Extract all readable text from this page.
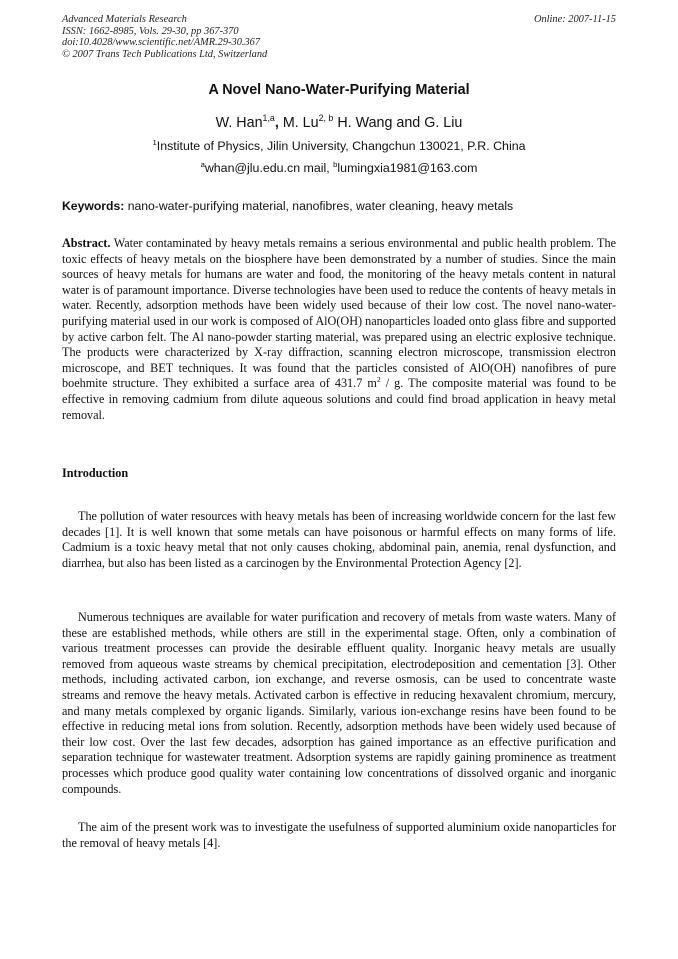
Advanced Materials Research
ISSN: 1662-8985, Vols. 29-30, pp 367-370
doi:10.4028/www.scientific.net/AMR.29-30.367
© 2007 Trans Tech Publications Ltd, Switzerland
Online: 2007-11-15
A Novel Nano-Water-Purifying Material
W. Han$^{1,a}$, M. Lu$^{2, b}$ H. Wang and G. Liu
$^1$Institute of Physics, Jilin University, Changchun 130021, P.R. China
$^a$whan@jlu.edu.cn mail, $^b$lumingxia1981@163.com
Keywords: nano-water-purifying material, nanofibres, water cleaning, heavy metals
Abstract. Water contaminated by heavy metals remains a serious environmental and public health problem. The toxic effects of heavy metals on the biosphere have been demonstrated by a number of studies. Since the main sources of heavy metals for humans are water and food, the monitoring of the heavy metals content in natural water is of paramount importance. Diverse technologies have been used to reduce the contents of heavy metals in water. Recently, adsorption methods have been widely used because of their low cost. The novel nano-water-purifying material used in our work is composed of AlO(OH) nanoparticles loaded onto glass fibre and supported by active carbon felt. The Al nano-powder starting material, was prepared using an electric explosive technique. The products were characterized by X-ray diffraction, scanning electron microscope, transmission electron microscope, and BET techniques. It was found that the particles consisted of AlO(OH) nanofibres of pure boehmite structure. They exhibited a surface area of 431.7 $m^2$ / g. The composite material was found to be effective in removing cadmium from dilute aqueous solutions and could find broad application in heavy metal removal.
Introduction
The pollution of water resources with heavy metals has been of increasing worldwide concern for the last few decades [1]. It is well known that some metals can have poisonous or harmful effects on many forms of life. Cadmium is a toxic heavy metal that not only causes choking, abdominal pain, anemia, renal dysfunction, and diarrhea, but also has been listed as a carcinogen by the Environmental Protection Agency [2].
Numerous techniques are available for water purification and recovery of metals from waste waters. Many of these are established methods, while others are still in the experimental stage. Often, only a combination of various treatment processes can provide the desirable effluent quality. Inorganic heavy metals are usually removed from aqueous waste streams by chemical precipitation, electrodeposition and cementation [3]. Other methods, including activated carbon, ion exchange, and reverse osmosis, can be used to concentrate waste streams and remove the heavy metals. Activated carbon is effective in reducing hexavalent chromium, mercury, and many metals complexed by organic ligands. Similarly, various ion-exchange resins have been found to be effective in reducing metal ions from solution. Recently, adsorption methods have been widely used because of their low cost. Over the last few decades, adsorption has gained importance as an effective purification and separation technique for wastewater treatment. Adsorption systems are rapidly gaining prominence as treatment processes which produce good quality water containing low concentrations of dissolved organic and inorganic compounds.
The aim of the present work was to investigate the usefulness of supported aluminium oxide nanoparticles for the removal of heavy metals [4].
